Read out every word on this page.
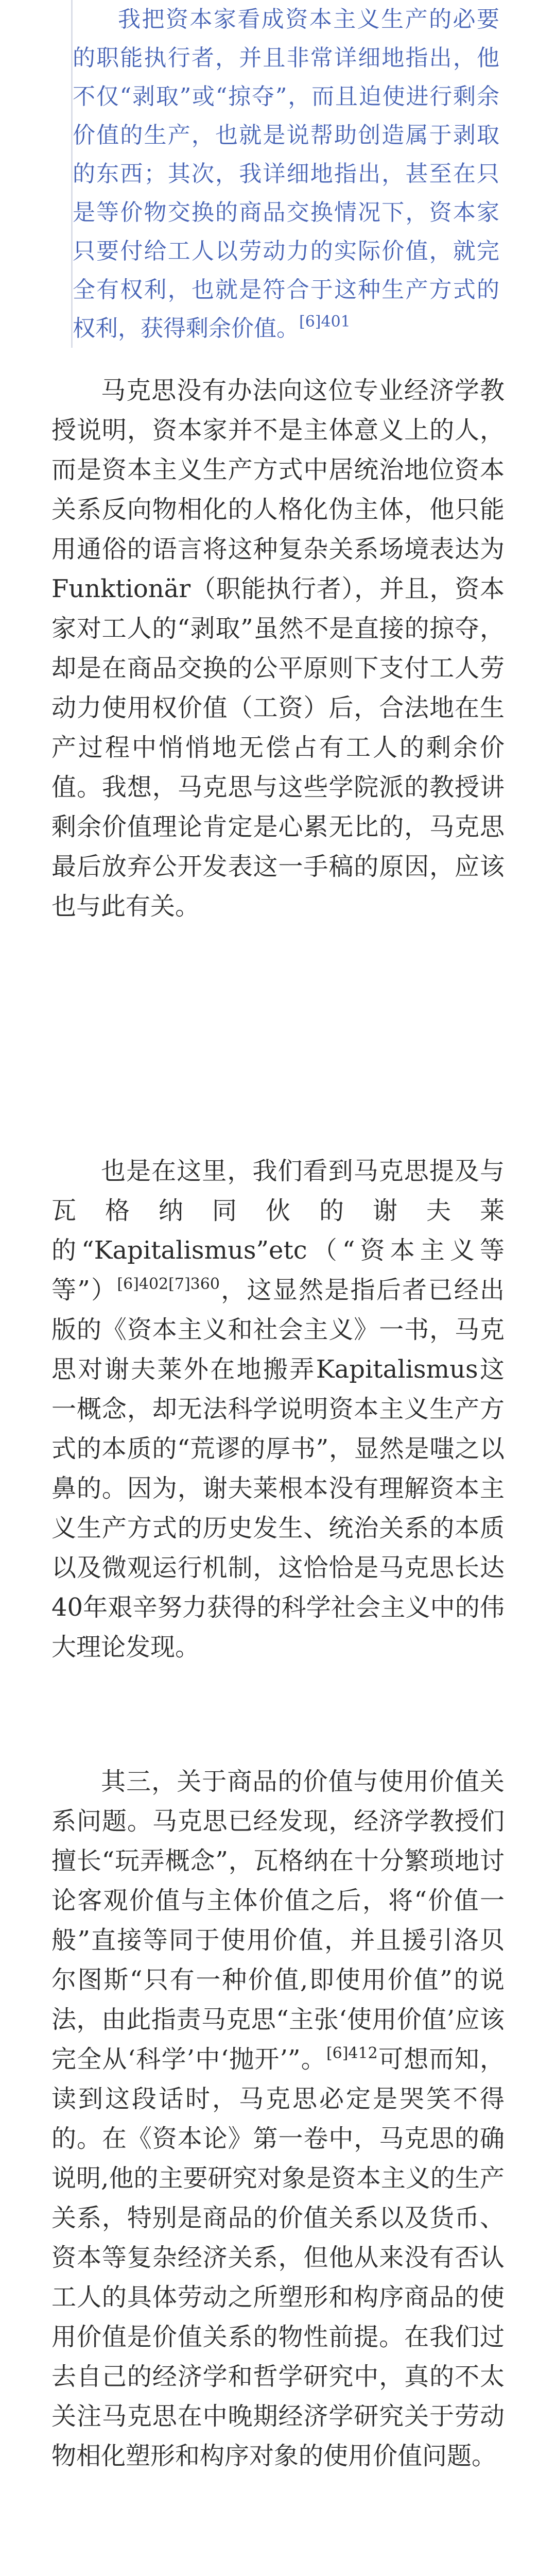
我把资本家看成资本主义生产的必要的职能执行者，并且非常详细地指出，他不仅“剥取”或“掠夺”，而且迫使进行剩余价值的生产，也就是说帮助创造属于剥取的东西；其次，我详细地指出，甚至在只是等价物交换的商品交换情况下，资本家只要付给工人以劳动力的实际价值，就完全有权利，也就是符合于这种生产方式的权利，获得剩余价值。$^{[6]401}$

马克思没有办法向这位专业经济学教授说明，资本家并不是主体意义上的人，而是资本主义生产方式中居统治地位资本关系反向物相化的人格化伪主体，他只能用通俗的语言将这种复杂关系场境表达为Funktionär（职能执行者），并且，资本家对工人的“剥取”虽然不是直接的掠夺，却是在商品交换的公平原则下支付工人劳动力使用权价值（工资）后，合法地在生产过程中悄悄地无偿占有工人的剩余价值。我想，马克思与这些学院派的教授讲剩余价值理论肯定是心累无比的，马克思最后放弃公开发表这一手稿的原因，应该也与此有关。

也是在这里，我们看到马克思提及与瓦格纳同伙的谢夫莱的“Kapitalismus”etc（“资本主义等等”）$^{[6]402[7]360}$，这显然是指后者已经出版的《资本主义和社会主义》一书，马克思对谢夫莱外在地搬弄Kapitalismus这一概念，却无法科学说明资本主义生产方式的本质的“荒谬的厚书”，显然是嗤之以鼻的。因为，谢夫莱根本没有理解资本主义生产方式的历史发生、统治关系的本质以及微观运行机制，这恰恰是马克思长达40年艰辛努力获得的科学社会主义中的伟大理论发现。

其三，关于商品的价值与使用价值关系问题。马克思已经发现，经济学教授们擅长“玩弄概念”，瓦格纳在十分繁琐地讨论客观价值与主体价值之后，将“价值一般”直接等同于使用价值，并且援引洛贝尔图斯“只有一种价值,即使用价值”的说法，由此指责马克思“主张‘使用价值’应该完全从‘科学’中‘抛开’”。$^{[6]412}$可想而知，读到这段话时，马克思必定是哭笑不得的。在《资本论》第一卷中，马克思的确说明,他的主要研究对象是资本主义的生产关系，特别是商品的价值关系以及货币、资本等复杂经济关系，但他从来没有否认工人的具体劳动之所塑形和构序商品的使用价值是价值关系的物性前提。在我们过去自己的经济学和哲学研究中，真的不太关注马克思在中晚期经济学研究关于劳动物相化塑形和构序对象的使用价值问题。
